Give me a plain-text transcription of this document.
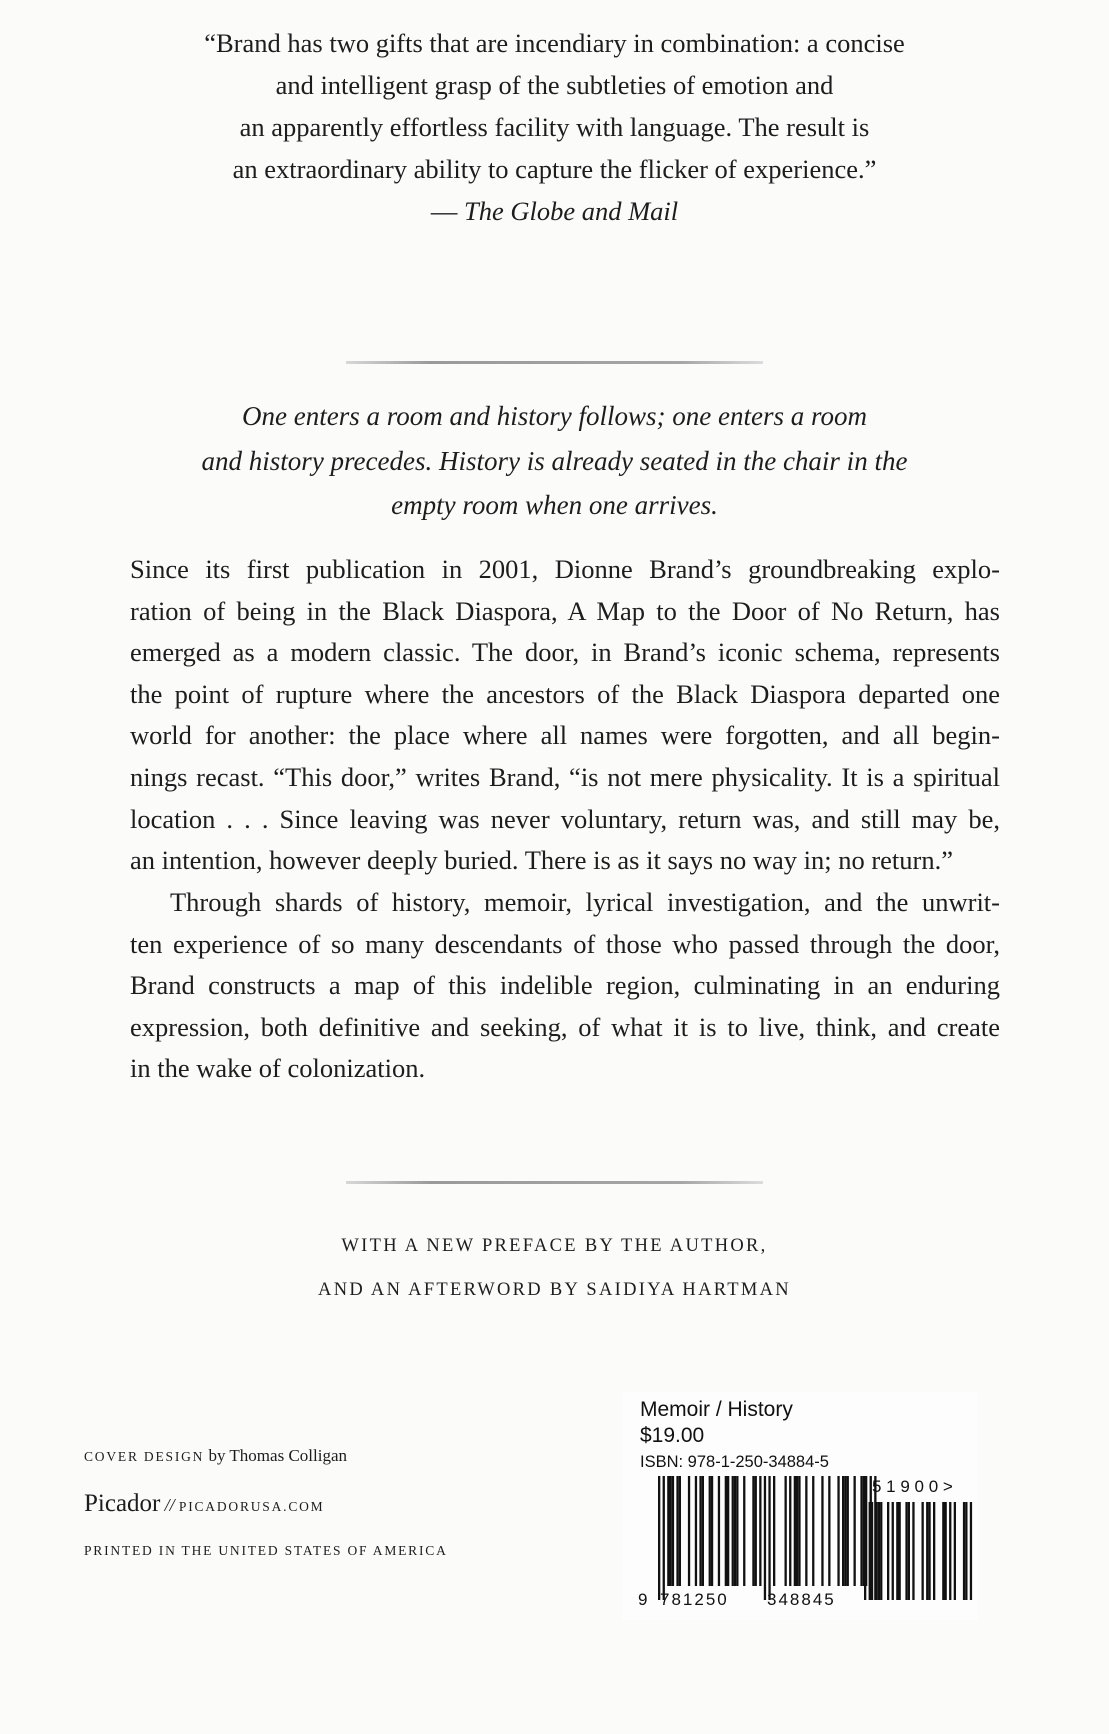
“Brand has two gifts that are incendiary in combination: a concise
and intelligent grasp of the subtleties of emotion and
an apparently effortless facility with language. The result is
an extraordinary ability to capture the flicker of experience.”
— The Globe and Mail
One enters a room and history follows; one enters a room
and history precedes. History is already seated in the chair in the
empty room when one arrives.
Since its first publication in 2001, Dionne Brand’s groundbreaking explo-
ration of being in the Black Diaspora, A Map to the Door of No Return, has
emerged as a modern classic. The door, in Brand’s iconic schema, represents
the point of rupture where the ancestors of the Black Diaspora departed one
world for another: the place where all names were forgotten, and all begin-
nings recast. “This door,” writes Brand, “is not mere physicality. It is a spiritual
location . . . Since leaving was never voluntary, return was, and still may be,
an intention, however deeply buried. There is as it says no way in; no return.”
Through shards of history, memoir, lyrical investigation, and the unwrit-
ten experience of so many descendants of those who passed through the door,
Brand constructs a map of this indelible region, culminating in an enduring
expression, both definitive and seeking, of what it is to live, think, and create
in the wake of colonization.
WITH A NEW PREFACE BY THE AUTHOR,
AND AN AFTERWORD BY SAIDIYA HARTMAN
COVER DESIGN by Thomas Colligan
Picador // PICADORUSA.COM
PRINTED IN THE UNITED STATES OF AMERICA
Memoir / History
$19.00
ISBN: 978-1-250-34884-5
9 781250 348845
5 1 9 0 0 >
